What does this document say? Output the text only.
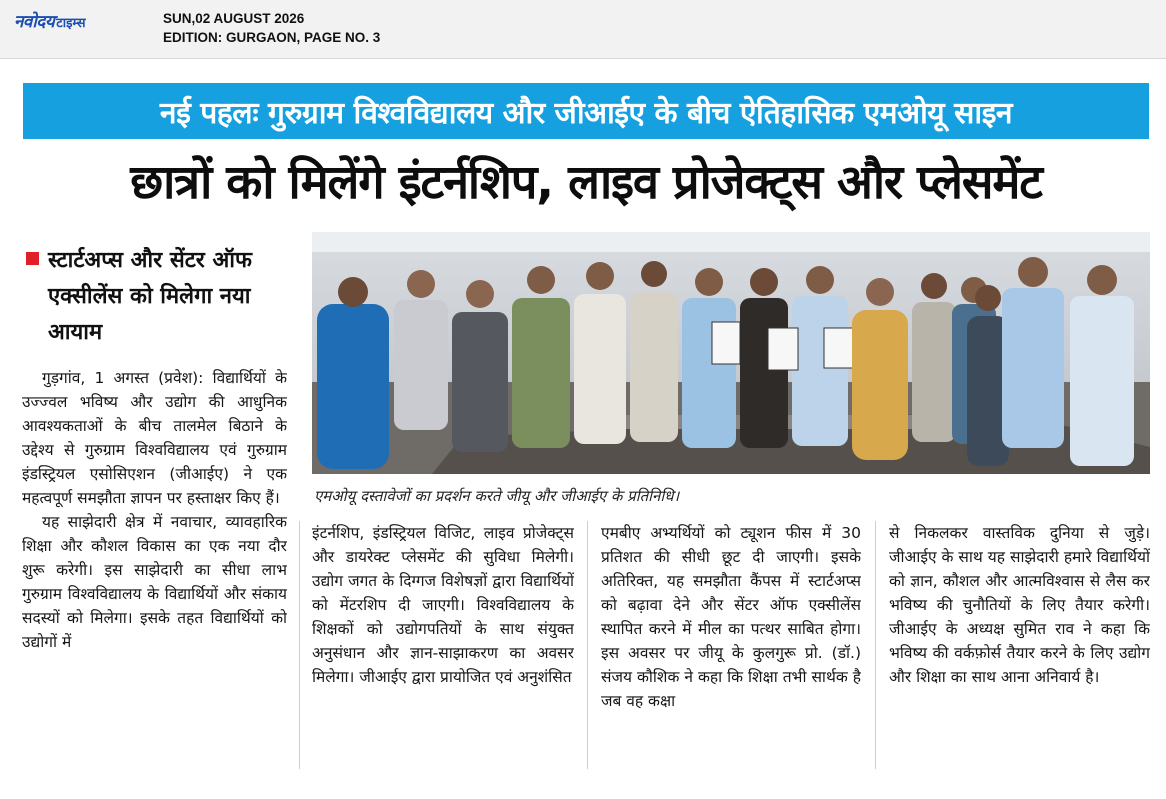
नवोदय टाइम्स	SUN,02 AUGUST 2026
EDITION: GURGAON, PAGE NO. 3
नई पहलः गुरुग्राम विश्वविद्यालय और जीआईए के बीच ऐतिहासिक एमओयू साइन
छात्रों को मिलेंगे इंटर्नशिप, लाइव प्रोजेक्ट्स और प्लेसमेंट
स्टार्टअप्स और सेंटर ऑफ एक्सीलेंस को मिलेगा नया आयाम
एमओयू दस्तावेजों का प्रदर्शन करते जीयू और जीआईए के प्रतिनिधि।

गुड़गांव, 1 अगस्त (प्रवेश): विद्यार्थियों के उज्ज्वल भविष्य और उद्योग की आधुनिक आवश्यकताओं के बीच तालमेल बिठाने के उद्देश्य से गुरुग्राम विश्वविद्यालय एवं गुरुग्राम इंडस्ट्रियल एसोसिएशन (जीआईए) ने एक महत्वपूर्ण समझौता ज्ञापन पर हस्ताक्षर किए हैं।

यह साझेदारी क्षेत्र में नवाचार, व्यावहारिक शिक्षा और कौशल विकास का एक नया दौर शुरू करेगी। इस साझेदारी का सीधा लाभ गुरुग्राम विश्वविद्यालय के विद्यार्थियों और संकाय सदस्यों को मिलेगा। इसके तहत विद्यार्थियों को उद्योगों में

इंटर्नशिप, इंडस्ट्रियल विजिट, लाइव प्रोजेक्ट्स और डायरेक्ट प्लेसमेंट की सुविधा मिलेगी। उद्योग जगत के दिग्गज विशेषज्ञों द्वारा विद्यार्थियों को मेंटरशिप दी जाएगी। विश्वविद्यालय के शिक्षकों को उद्योगपतियों के साथ संयुक्त अनुसंधान और ज्ञान-साझाकरण का अवसर मिलेगा। जीआईए द्वारा प्रायोजित एवं अनुशंसित

एमबीए अभ्यर्थियों को ट्यूशन फीस में 30 प्रतिशत की सीधी छूट दी जाएगी। इसके अतिरिक्त, यह समझौता कैंपस में स्टार्टअप्स को बढ़ावा देने और सेंटर ऑफ एक्सीलेंस स्थापित करने में मील का पत्थर साबित होगा। इस अवसर पर जीयू के कुलगुरू प्रो. (डॉ.) संजय कौशिक ने कहा कि शिक्षा तभी सार्थक है जब वह कक्षा

से निकलकर वास्तविक दुनिया से जुड़े। जीआईए के साथ यह साझेदारी हमारे विद्यार्थियों को ज्ञान, कौशल और आत्मविश्वास से लैस कर भविष्य की चुनौतियों के लिए तैयार करेगी। जीआईए के अध्यक्ष सुमित राव ने कहा कि भविष्य की वर्कफ़ोर्स तैयार करने के लिए उद्योग और शिक्षा का साथ आना अनिवार्य है।
